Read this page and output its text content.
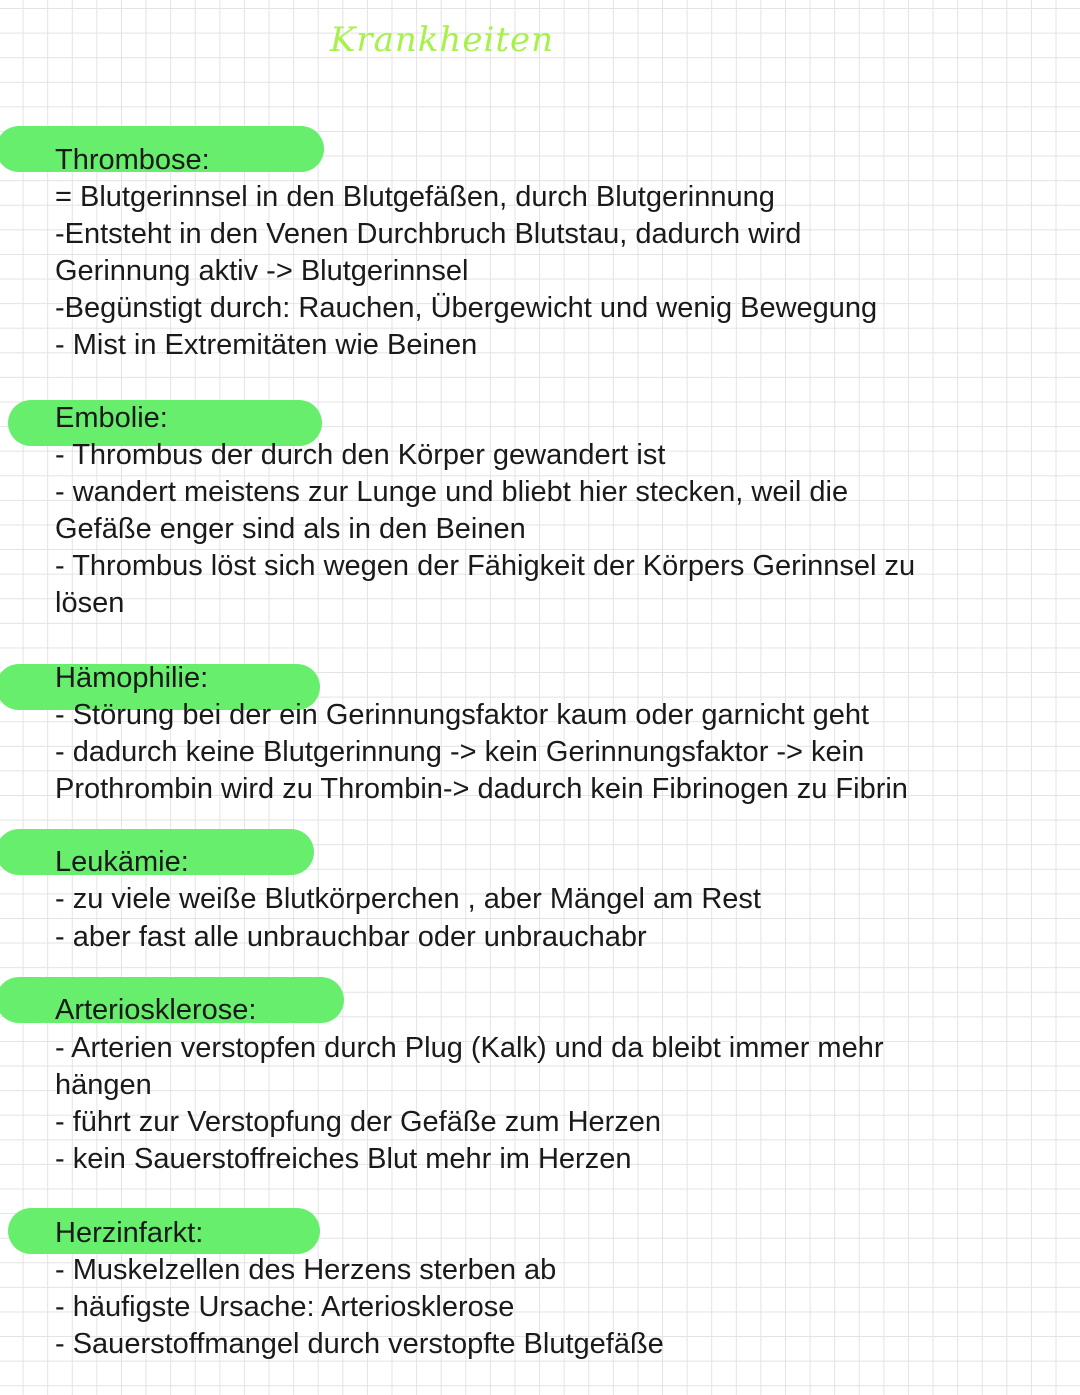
Krankheiten
Thrombose:
= Blutgerinnsel in den Blutgefäßen, durch Blutgerinnung
-Entsteht in den Venen Durchbruch Blutstau, dadurch wird
Gerinnung aktiv -> Blutgerinnsel
-Begünstigt durch: Rauchen, Übergewicht und wenig Bewegung
- Mist in Extremitäten wie Beinen
Embolie:
- Thrombus der durch den Körper gewandert ist
- wandert meistens zur Lunge und bliebt hier stecken, weil die
Gefäße enger sind als in den Beinen
- Thrombus löst sich wegen der Fähigkeit der Körpers Gerinnsel zu
lösen
Hämophilie:
- Störung bei der ein Gerinnungsfaktor kaum oder garnicht geht
- dadurch keine Blutgerinnung -> kein Gerinnungsfaktor -> kein
Prothrombin wird zu Thrombin-> dadurch kein Fibrinogen zu Fibrin
Leukämie:
- zu viele weiße Blutkörperchen , aber Mängel am Rest
- aber fast alle unbrauchbar oder unbrauchabr
Arteriosklerose:
- Arterien verstopfen durch Plug (Kalk) und da bleibt immer mehr
hängen
- führt zur Verstopfung der Gefäße zum Herzen
- kein Sauerstoffreiches Blut mehr im Herzen
Herzinfarkt:
- Muskelzellen des Herzens sterben ab
- häufigste Ursache: Arteriosklerose
- Sauerstoffmangel durch verstopfte Blutgefäße
